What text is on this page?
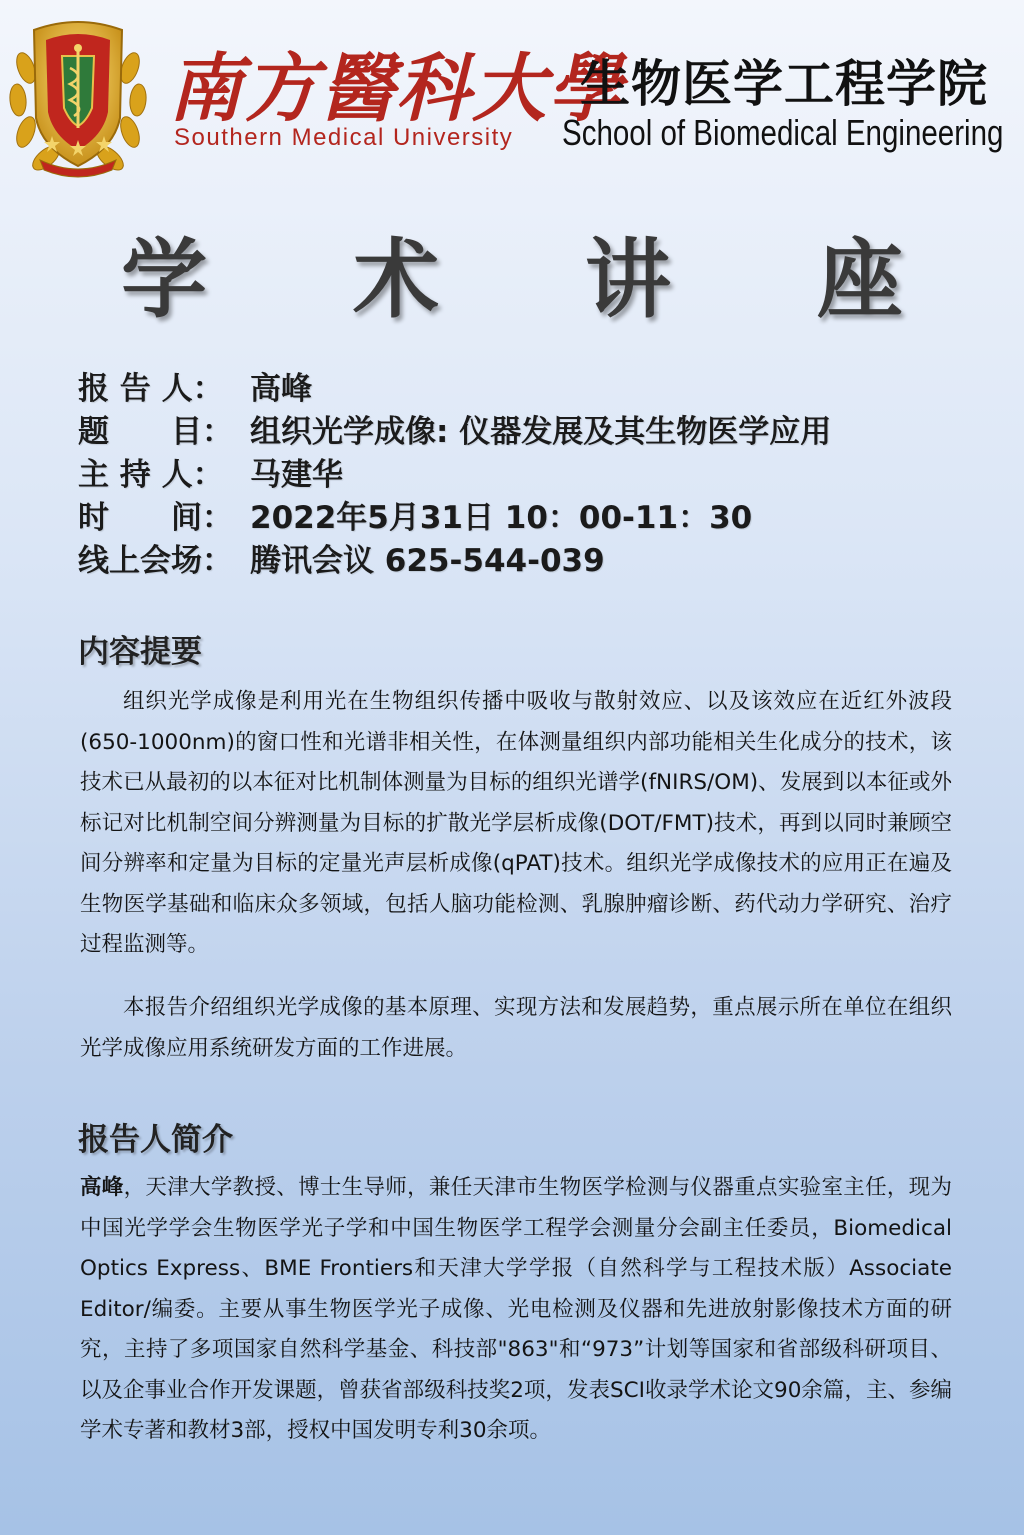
南方醫科大學
Southern Medical University
生物医学工程学院
School of Biomedical Engineering
学 术 讲 座
报 告 人： 高峰
题　　目： 组织光学成像: 仪器发展及其生物医学应用
主 持 人： 马建华
时　　间： 2022年5月31日 10：00-11：30
线上会场： 腾讯会议 625-544-039
内容提要

组织光学成像是利用光在生物组织传播中吸收与散射效应、以及该效应在近红外波段(650-1000nm)的窗口性和光谱非相关性，在体测量组织内部功能相关生化成分的技术，该技术已从最初的以本征对比机制体测量为目标的组织光谱学(fNIRS/OM)、发展到以本征或外标记对比机制空间分辨测量为目标的扩散光学层析成像(DOT/FMT)技术，再到以同时兼顾空间分辨率和定量为目标的定量光声层析成像(qPAT)技术。组织光学成像技术的应用正在遍及生物医学基础和临床众多领域，包括人脑功能检测、乳腺肿瘤诊断、药代动力学研究、治疗过程监测等。

本报告介绍组织光学成像的基本原理、实现方法和发展趋势，重点展示所在单位在组织光学成像应用系统研发方面的工作进展。

报告人简介

高峰，天津大学教授、博士生导师，兼任天津市生物医学检测与仪器重点实验室主任，现为中国光学学会生物医学光子学和中国生物医学工程学会测量分会副主任委员，Biomedical Optics Express、BME Frontiers和天津大学学报（自然科学与工程技术版）Associate Editor/编委。主要从事生物医学光子成像、光电检测及仪器和先进放射影像技术方面的研究，主持了多项国家自然科学基金、科技部"863"和“973”计划等国家和省部级科研项目、以及企事业合作开发课题，曾获省部级科技奖2项，发表SCI收录学术论文90余篇，主、参编学术专著和教材3部，授权中国发明专利30余项。
